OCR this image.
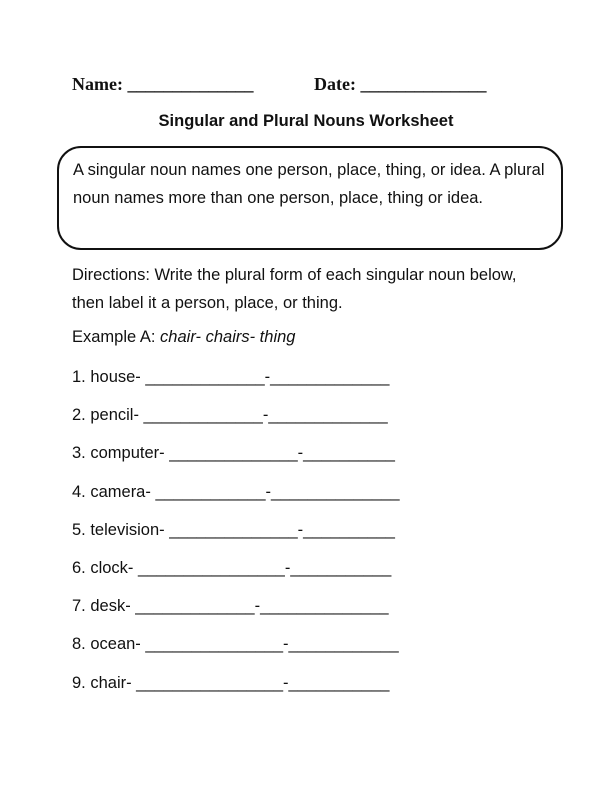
Name: ______________	Date: ______________
Singular and Plural Nouns Worksheet
A singular noun names one person, place, thing, or idea. A plural noun names more than one person, place, thing or idea.
Directions: Write the plural form of each singular noun below, then label it a person, place, or thing.
Example A: chair- chairs- thing
1. house- _____________-_____________
2. pencil- _____________-_____________
3. computer- ______________-__________
4. camera- ____________-______________
5. television- ______________-__________
6. clock- ________________-___________
7. desk- _____________-______________
8. ocean- _______________-____________
9. chair- ________________-___________
